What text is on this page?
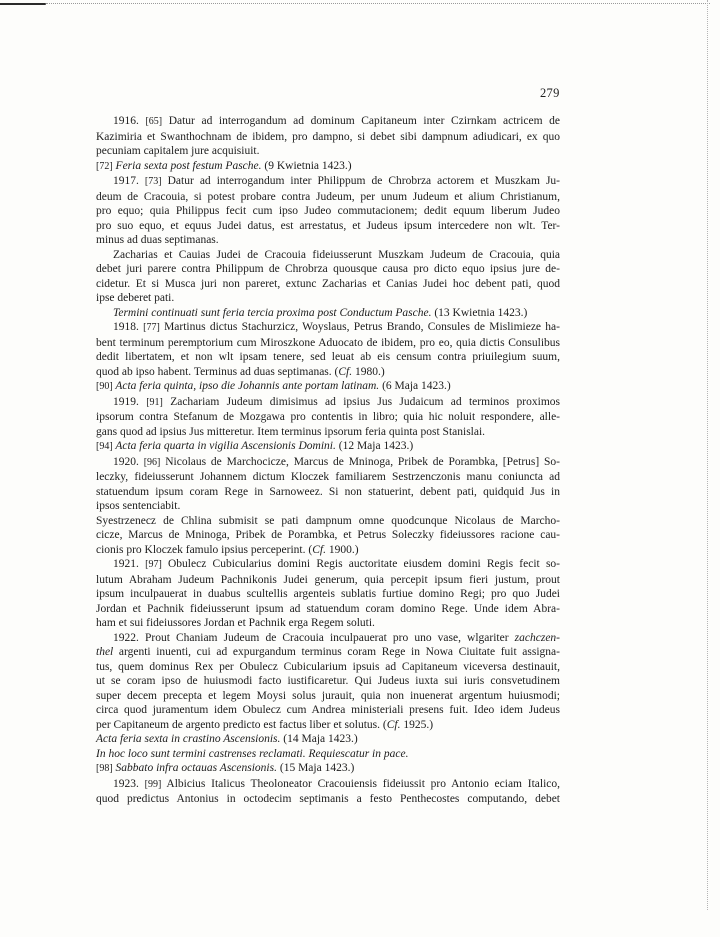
279
1916. [65] Datur ad interrogandum ad dominum Capitaneum inter Czirnkam actricem de
Kazimiria et Swanthochnam de ibidem, pro dampno, si debet sibi dampnum adiudicari, ex quo
pecuniam capitalem jure acquisiuit.
[72] Feria sexta post festum Pasche. (9 Kwietnia 1423.)
1917. [73] Datur ad interrogandum inter Philippum de Chrobrza actorem et Muszkam Ju-
deum de Cracouia, si potest probare contra Judeum, per unum Judeum et alium Christianum,
pro equo; quia Philippus fecit cum ipso Judeo commutacionem; dedit equum liberum Judeo
pro suo equo, et equus Judei datus, est arrestatus, et Judeus ipsum intercedere non wlt. Ter-
minus ad duas septimanas.
Zacharias et Cauias Judei de Cracouia fideiusserunt Muszkam Judeum de Cracouia, quia
debet juri parere contra Philippum de Chrobrza quousque causa pro dicto equo ipsius jure de-
cidetur. Et si Musca juri non pareret, extunc Zacharias et Canias Judei hoc debent pati, quod
ipse deberet pati.
Termini continuati sunt feria tercia proxima post Conductum Pasche. (13 Kwietnia 1423.)
1918. [77] Martinus dictus Stachurzicz, Woyslaus, Petrus Brando, Consules de Mislimieze ha-
bent terminum peremptorium cum Miroszkone Aduocato de ibidem, pro eo, quia dictis Consulibus
dedit libertatem, et non wlt ipsam tenere, sed leuat ab eis censum contra priuilegium suum,
quod ab ipso habent. Terminus ad duas septimanas. (Cf. 1980.)
[90] Acta feria quinta, ipso die Johannis ante portam latinam. (6 Maja 1423.)
1919. [91] Zachariam Judeum dimisimus ad ipsius Jus Judaicum ad terminos proximos
ipsorum contra Stefanum de Mozgawa pro contentis in libro; quia hic noluit respondere, alle-
gans quod ad ipsius Jus mitteretur. Item terminus ipsorum feria quinta post Stanislai.
[94] Acta feria quarta in vigilia Ascensionis Domini. (12 Maja 1423.)
1920. [96] Nicolaus de Marchocicze, Marcus de Mninoga, Pribek de Porambka, [Petrus] So-
leczky, fideiusserunt Johannem dictum Kloczek familiarem Sestrzenczonis manu coniuncta ad
statuendum ipsum coram Rege in Sarnoweez. Si non statuerint, debent pati, quidquid Jus in
ipsos sentenciabit.
Syestrzenecz de Chlina submisit se pati dampnum omne quodcunque Nicolaus de Marcho-
cicze, Marcus de Mninoga, Pribek de Porambka, et Petrus Soleczky fideiussores racione cau-
cionis pro Kloczek famulo ipsius perceperint. (Cf. 1900.)
1921. [97] Obulecz Cubicularius domini Regis auctoritate eiusdem domini Regis fecit so-
lutum Abraham Judeum Pachnikonis Judei generum, quia percepit ipsum fieri justum, prout
ipsum inculpauerat in duabus scultellis argenteis sublatis furtiue domino Regi; pro quo Judei
Jordan et Pachnik fideiusserunt ipsum ad statuendum coram domino Rege. Unde idem Abra-
ham et sui fideiussores Jordan et Pachnik erga Regem soluti.
1922. Prout Chaniam Judeum de Cracouia inculpauerat pro uno vase, wlgariter zachczen-
thel argenti inuenti, cui ad expurgandum terminus coram Rege in Nowa Ciuitate fuit assigna-
tus, quem dominus Rex per Obulecz Cubicularium ipsuis ad Capitaneum viceversa destinauit,
ut se coram ipso de huiusmodi facto iustificaretur. Qui Judeus iuxta sui iuris consvetudinem
super decem precepta et legem Moysi solus jurauit, quia non inuenerat argentum huiusmodi;
circa quod juramentum idem Obulecz cum Andrea ministeriali presens fuit. Ideo idem Judeus
per Capitaneum de argento predicto est factus liber et solutus. (Cf. 1925.)
Acta feria sexta in crastino Ascensionis. (14 Maja 1423.)
In hoc loco sunt termini castrenses reclamati. Requiescatur in pace.
[98] Sabbato infra octauas Ascensionis. (15 Maja 1423.)
1923. [99] Albicius Italicus Theoloneator Cracouiensis fideiussit pro Antonio eciam Italico,
quod predictus Antonius in octodecim septimanis a festo Penthecostes computando, debet
